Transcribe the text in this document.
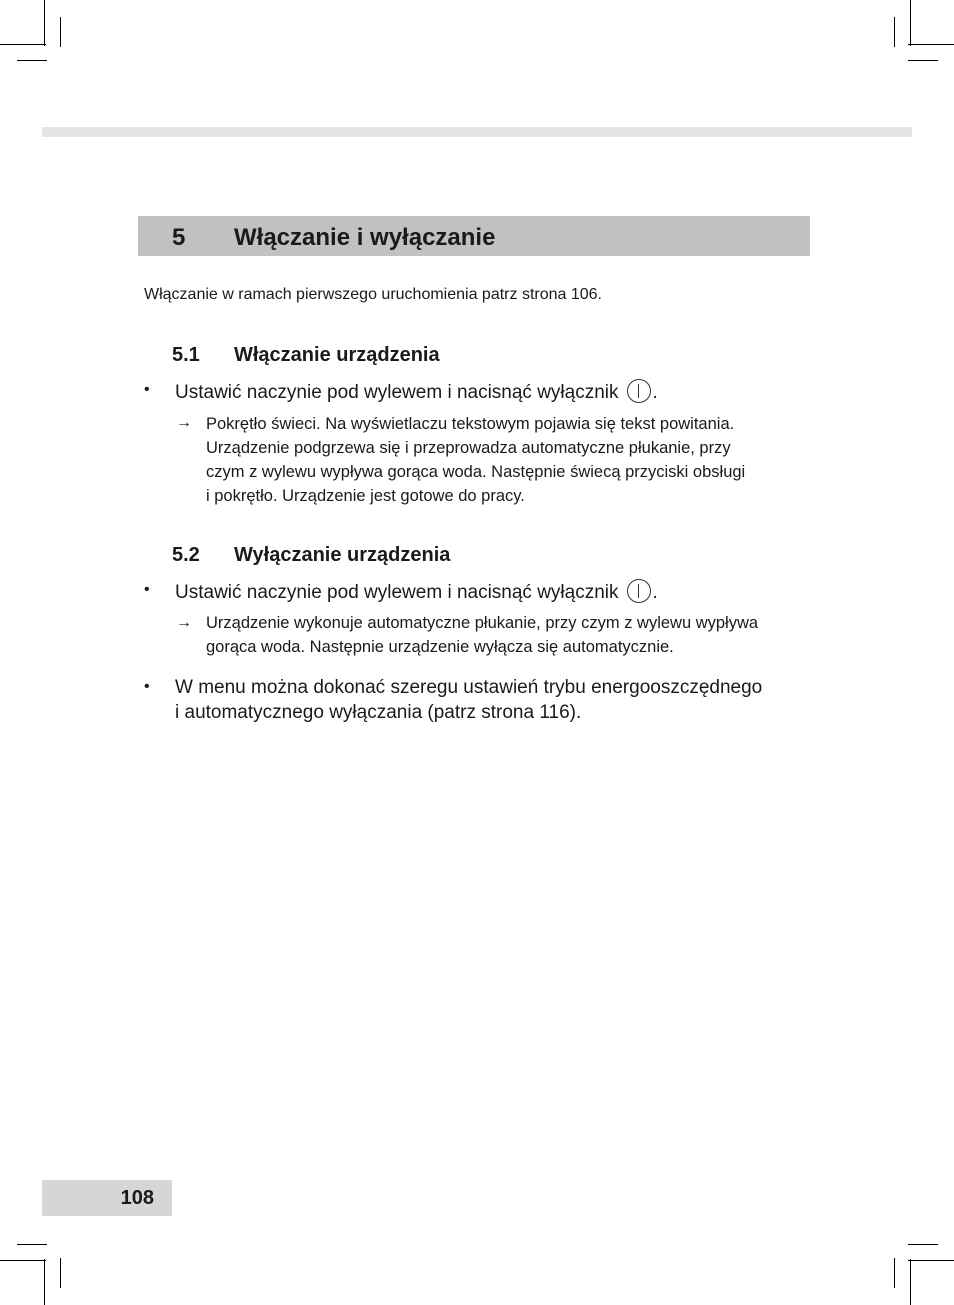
5 Włączanie i wyłączanie
Włączanie w ramach pierwszego uruchomienia patrz strona 106.
5.1 Włączanie urządzenia
• Ustawić naczynie pod wylewem i nacisnąć wyłącznik .
→ Pokrętło świeci. Na wyświetlaczu tekstowym pojawia się tekst powitania.
Urządzenie podgrzewa się i przeprowadza automatyczne płukanie, przy
czym z wylewu wypływa gorąca woda. Następnie świecą przyciski obsługi
i pokrętło. Urządzenie jest gotowe do pracy.
5.2 Wyłączanie urządzenia
• Ustawić naczynie pod wylewem i nacisnąć wyłącznik .
→ Urządzenie wykonuje automatyczne płukanie, przy czym z wylewu wypływa
gorąca woda. Następnie urządzenie wyłącza się automatycznie.
• W menu można dokonać szeregu ustawień trybu energooszczędnego
i automatycznego wyłączania (patrz strona 116).
108
